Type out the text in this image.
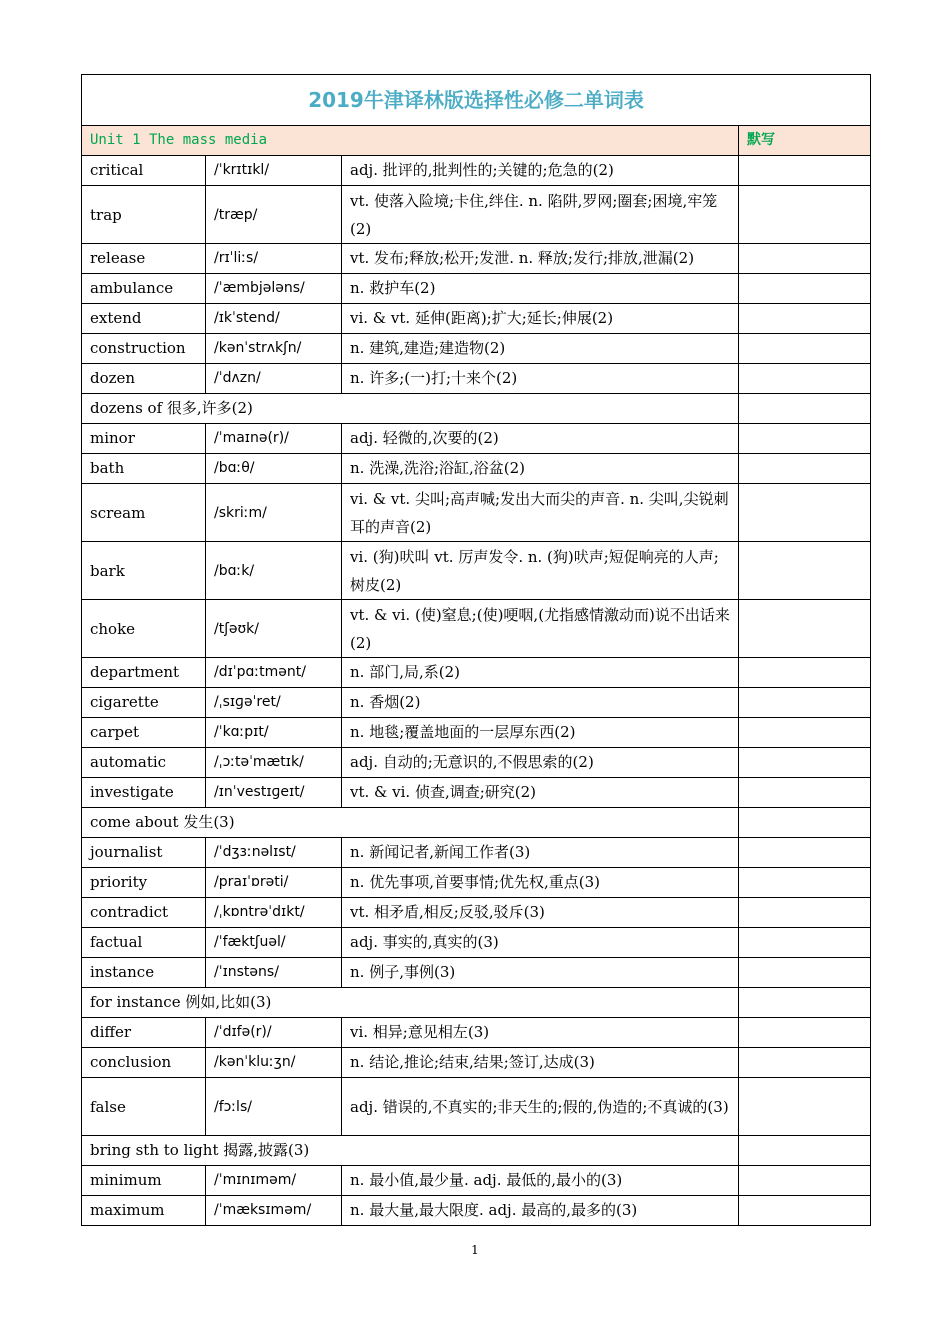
2019牛津译林版选择性必修二单词表			
Unit 1 The mass media			默写
critical	/ˈkrɪtɪkl/	adj. 批评的,批判性的;关键的;危急的(2)	
trap	/træp/	vt. 使落入险境;卡住,绊住. n. 陷阱,罗网;圈套;困境,牢笼(2)	
release	/rɪˈliːs/	vt. 发布;释放;松开;发泄. n. 释放;发行;排放,泄漏(2)	
ambulance	/ˈæmbjələns/	n. 救护车(2)	
extend	/ɪkˈstend/	vi. & vt. 延伸(距离);扩大;延长;伸展(2)	
construction	/kənˈstrʌkʃn/	n. 建筑,建造;建造物(2)	
dozen	/ˈdʌzn/	n. 许多;(一)打;十来个(2)	
dozens of 很多,许多(2)			
minor	/ˈmaɪnə(r)/	adj. 轻微的,次要的(2)	
bath	/bɑːθ/	n. 洗澡,洗浴;浴缸,浴盆(2)	
scream	/skriːm/	vi. & vt. 尖叫;高声喊;发出大而尖的声音. n. 尖叫,尖锐刺耳的声音(2)	
bark	/bɑːk/	vi. (狗)吠叫 vt. 厉声发令. n. (狗)吠声;短促响亮的人声;树皮(2)	
choke	/tʃəʊk/	vt. & vi. (使)窒息;(使)哽咽,(尤指感情激动而)说不出话来(2)	
department	/dɪˈpɑːtmənt/	n. 部门,局,系(2)	
cigarette	/ˌsɪɡəˈret/	n. 香烟(2)	
carpet	/ˈkɑːpɪt/	n. 地毯;覆盖地面的一层厚东西(2)	
automatic	/ˌɔːtəˈmætɪk/	adj. 自动的;无意识的,不假思索的(2)	
investigate	/ɪnˈvestɪɡeɪt/	vt. & vi. 侦查,调查;研究(2)	
come about 发生(3)			
journalist	/ˈdʒɜːnəlɪst/	n. 新闻记者,新闻工作者(3)	
priority	/praɪˈɒrəti/	n. 优先事项,首要事情;优先权,重点(3)	
contradict	/ˌkɒntrəˈdɪkt/	vt. 相矛盾,相反;反驳,驳斥(3)	
factual	/ˈfæktʃuəl/	adj. 事实的,真实的(3)	
instance	/ˈɪnstəns/	n. 例子,事例(3)	
for instance 例如,比如(3)			
differ	/ˈdɪfə(r)/	vi. 相异;意见相左(3)	
conclusion	/kənˈkluːʒn/	n. 结论,推论;结束,结果;签订,达成(3)	
false	/fɔːls/	adj. 错误的,不真实的;非天生的;假的,伪造的;不真诚的(3)	
bring sth to light 揭露,披露(3)			
minimum	/ˈmɪnɪməm/	n. 最小值,最少量. adj. 最低的,最小的(3)	
maximum	/ˈmæksɪməm/	n. 最大量,最大限度. adj. 最高的,最多的(3)	
1
